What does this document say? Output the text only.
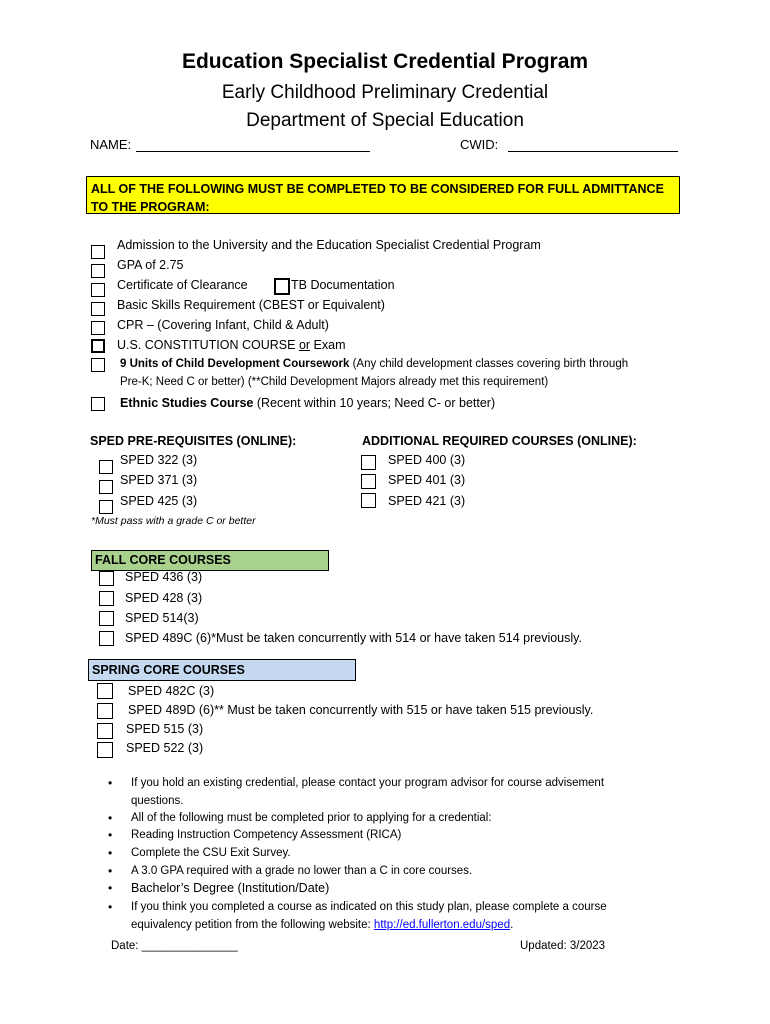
Education Specialist Credential Program
Early Childhood Preliminary Credential
Department of Special Education
NAME:	CWID:
ALL OF THE FOLLOWING MUST BE COMPLETED TO BE CONSIDERED FOR FULL ADMITTANCE
TO THE PROGRAM:
Admission to the University and the Education Specialist Credential Program
GPA of 2.75
Certificate of Clearance	TB Documentation
Basic Skills Requirement (CBEST or Equivalent)
CPR – (Covering Infant, Child & Adult)
U.S. CONSTITUTION COURSE or Exam
9 Units of Child Development Coursework (Any child development classes covering birth through
Pre-K; Need C or better) (**Child Development Majors already met this requirement)
Ethnic Studies Course (Recent within 10 years; Need C- or better)
SPED PRE-REQUISITES (ONLINE):
SPED 322 (3)
SPED 371 (3)
SPED 425 (3)
*Must pass with a grade C or better
ADDITIONAL REQUIRED COURSES (ONLINE):
SPED 400 (3)
SPED 401 (3)
SPED 421 (3)
FALL CORE COURSES
SPED 436 (3)
SPED 428 (3)
SPED 514(3)
SPED 489C (6)*Must be taken concurrently with 514 or have taken 514 previously.
SPRING CORE COURSES
SPED 482C (3)
SPED 489D (6)** Must be taken concurrently with 515 or have taken 515 previously.
SPED 515 (3)
SPED 522 (3)
• If you hold an existing credential, please contact your program advisor for course advisement
questions.
• All of the following must be completed prior to applying for a credential:
• Reading Instruction Competency Assessment (RICA)
• Complete the CSU Exit Survey.
• A 3.0 GPA required with a grade no lower than a C in core courses.
• Bachelor’s Degree (Institution/Date)
• If you think you completed a course as indicated on this study plan, please complete a course
equivalency petition from the following website: http://ed.fullerton.edu/sped.
Date: _______________	Updated: 3/2023
